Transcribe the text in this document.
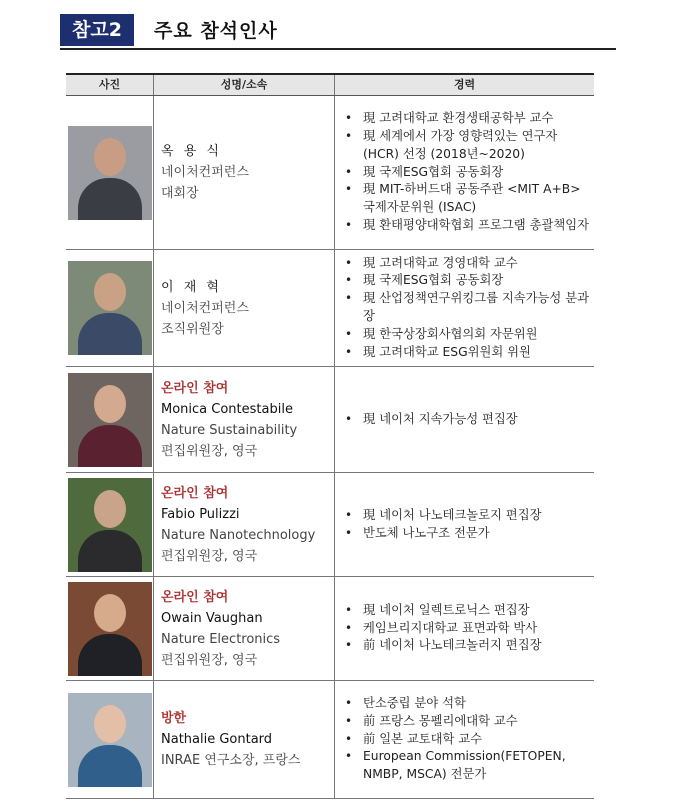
참고2	주요 참석인사
사진	성명/소속	경력
옥 용 식
네이처컨퍼런스
대회장
• 現 고려대학교 환경생태공학부 교수
• 現 세계에서 가장 영향력있는 연구자 (HCR) 선정 (2018년~2020)
• 現 국제ESG협회 공동회장
• 現 MIT-하버드대 공동주관 <MIT A+B> 국제자문위원 (ISAC)
• 現 환태평양대학협회 프로그램 총괄책임자
이 재 혁
네이처컨퍼런스
조직위원장
• 現 고려대학교 경영대학 교수
• 現 국제ESG협회 공동회장
• 現 산업정책연구위킹그룹 지속가능성 분과장
• 現 한국상장회사협의회 자문위원
• 現 고려대학교 ESG위원회 위원
온라인 참여
Monica Contestabile
Nature Sustainability
편집위원장, 영국
• 現 네이처 지속가능성 편집장
온라인 참여
Fabio Pulizzi
Nature Nanotechnology
편집위원장, 영국
• 現 네이처 나노테크놀로지 편집장
• 반도체 나노구조 전문가
온라인 참여
Owain Vaughan
Nature Electronics
편집위원장, 영국
• 現 네이처 일렉트로닉스 편집장
• 케임브리지대학교 표면과학 박사
• 前 네이처 나노테크놀러지 편집장
방한
Nathalie Gontard
INRAE 연구소장, 프랑스
• 탄소중립 분야 석학
• 前 프랑스 몽펠리에대학 교수
• 前 일본 교토대학 교수
• European Commission(FETOPEN, NMBP, MSCA) 전문가
